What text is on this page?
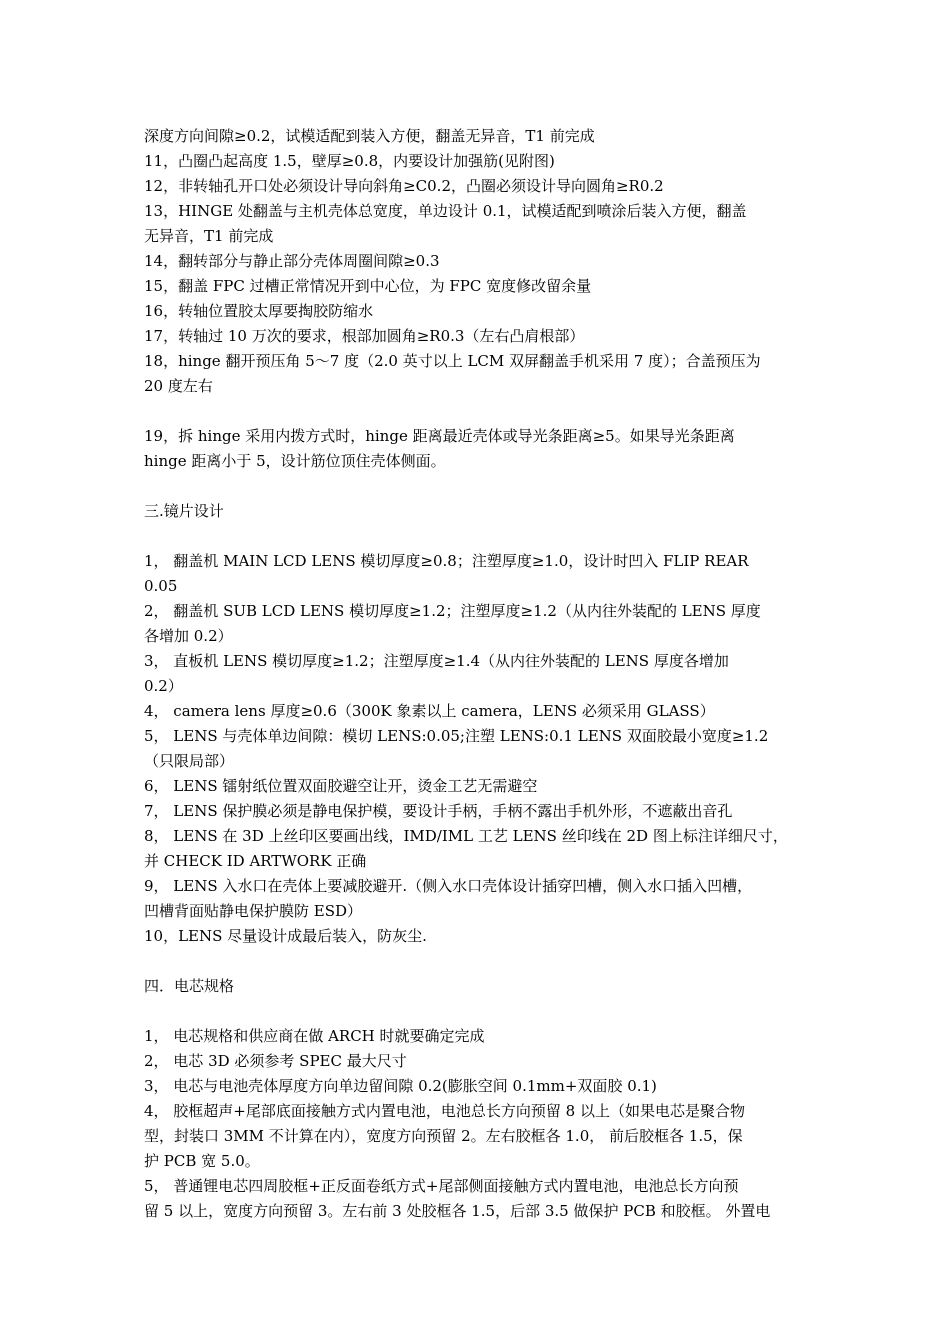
深度方向间隙≥0.2，试模适配到装入方便，翻盖无异音，T1 前完成
11，凸圈凸起高度 1.5，壁厚≥0.8，内要设计加强筋(见附图)
12，非转轴孔开口处必须设计导向斜角≥C0.2，凸圈必须设计导向圆角≥R0.2
13，HINGE 处翻盖与主机壳体总宽度，单边设计 0.1，试模适配到喷涂后装入方便，翻盖
无异音，T1 前完成
14，翻转部分与静止部分壳体周圈间隙≥0.3
15，翻盖 FPC 过槽正常情况开到中心位，为 FPC 宽度修改留余量
16，转轴位置胶太厚要掏胶防缩水
17，转轴过 10 万次的要求，根部加圆角≥R0.3（左右凸肩根部）
18，hinge 翻开预压角 5～7 度（2.0 英寸以上 LCM 双屏翻盖手机采用 7 度）；合盖预压为
20 度左右
19，拆 hinge 采用内拨方式时，hinge 距离最近壳体或导光条距离≥5。如果导光条距离
hinge 距离小于 5，设计筋位顶住壳体侧面。
三.镜片设计
1， 翻盖机 MAIN LCD LENS 模切厚度≥0.8；注塑厚度≥1.0，设计时凹入 FLIP REAR
0.05
2， 翻盖机 SUB LCD LENS 模切厚度≥1.2；注塑厚度≥1.2（从内往外装配的 LENS 厚度
各增加 0.2）
3， 直板机 LENS 模切厚度≥1.2；注塑厚度≥1.4（从内往外装配的 LENS 厚度各增加
0.2）
4， camera lens 厚度≥0.6（300K 象素以上 camera，LENS 必须采用 GLASS）
5， LENS 与壳体单边间隙：模切 LENS:0.05;注塑 LENS:0.1 LENS 双面胶最小宽度≥1.2
（只限局部）
6， LENS 镭射纸位置双面胶避空让开，烫金工艺无需避空
7， LENS 保护膜必须是静电保护模，要设计手柄，手柄不露出手机外形，不遮蔽出音孔
8， LENS 在 3D 上丝印区要画出线，IMD/IML 工艺 LENS 丝印线在 2D 图上标注详细尺寸，
并 CHECK ID ARTWORK 正确
9， LENS 入水口在壳体上要减胶避开.（侧入水口壳体设计插穿凹槽，侧入水口插入凹槽，
凹槽背面贴静电保护膜防 ESD）
10，LENS 尽量设计成最后装入，防灰尘.
四．电芯规格
1， 电芯规格和供应商在做 ARCH 时就要确定完成
2， 电芯 3D 必须参考 SPEC 最大尺寸
3， 电芯与电池壳体厚度方向单边留间隙 0.2(膨胀空间 0.1mm+双面胶 0.1)
4， 胶框超声+尾部底面接触方式内置电池，电池总长方向预留 8 以上（如果电芯是聚合物
型，封装口 3MM 不计算在内），宽度方向预留 2。左右胶框各 1.0， 前后胶框各 1.5，保
护 PCB 宽 5.0。
5， 普通锂电芯四周胶框+正反面卷纸方式+尾部侧面接触方式内置电池，电池总长方向预
留 5 以上，宽度方向预留 3。左右前 3 处胶框各 1.5，后部 3.5 做保护 PCB 和胶框。 外置电
